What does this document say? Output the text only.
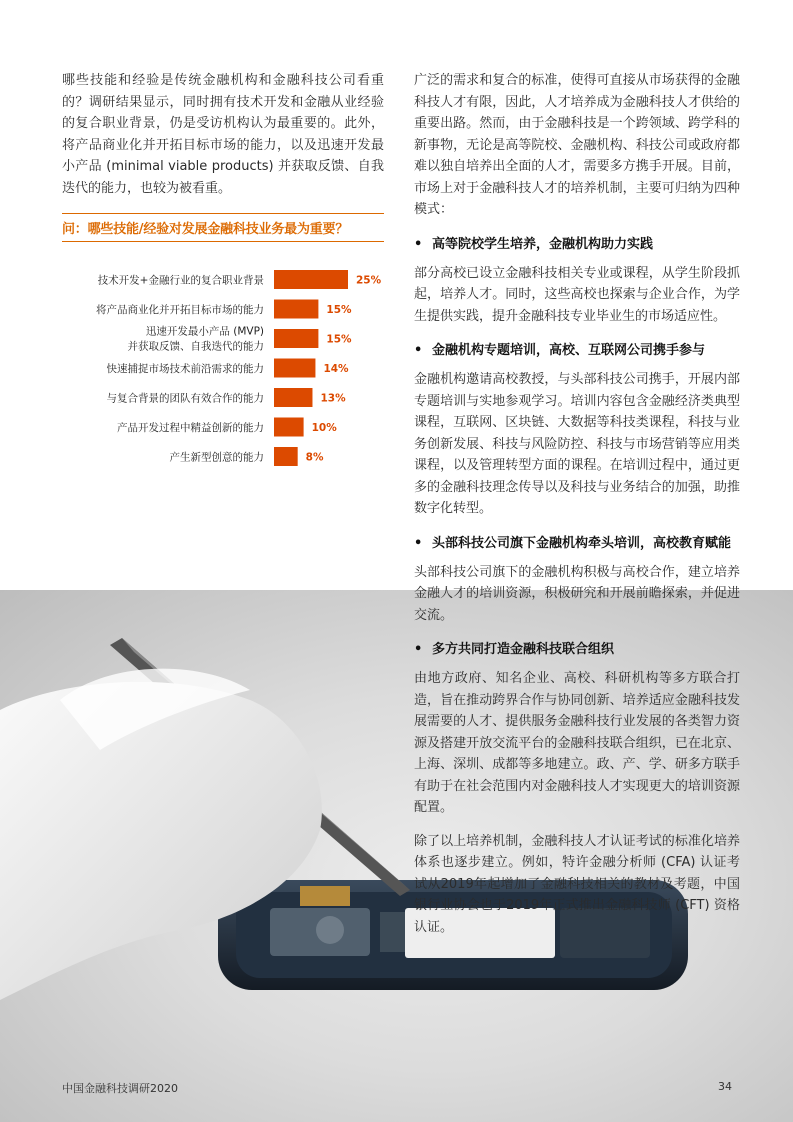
哪些技能和经验是传统金融机构和金融科技公司看重的？调研结果显示，同时拥有技术开发和金融从业经验的复合职业背景，仍是受访机构认为最重要的。此外，将产品商业化并开拓目标市场的能力，以及迅速开发最小产品 (minimal viable products) 并获取反馈、自我迭代的能力，也较为被看重。

问：哪些技能/经验对发展金融科技业务最为重要？
技术开发+金融行业的复合职业背景	25%
将产品商业化并开拓目标市场的能力	15%
迅速开发最小产品 (MVP)
并获取反馈、自我迭代的能力
15%
快速捕捉市场技术前沿需求的能力	14%
与复合背景的团队有效合作的能力	13%
产品开发过程中精益创新的能力	10%
产生新型创意的能力	8%

广泛的需求和复合的标准，使得可直接从市场获得的金融科技人才有限，因此，人才培养成为金融科技人才供给的重要出路。然而，由于金融科技是一个跨领域、跨学科的新事物，无论是高等院校、金融机构、科技公司或政府都难以独自培养出全面的人才，需要多方携手开展。目前，市场上对于金融科技人才的培养机制，主要可归纳为四种模式：

• 高等院校学生培养，金融机构助力实践

部分高校已设立金融科技相关专业或课程，从学生阶段抓起，培养人才。同时，这些高校也探索与企业合作，为学生提供实践，提升金融科技专业毕业生的市场适应性。

• 金融机构专题培训，高校、互联网公司携手参与

金融机构邀请高校教授，与头部科技公司携手，开展内部专题培训与实地参观学习。培训内容包含金融经济类典型课程，互联网、区块链、大数据等科技类课程，科技与业务创新发展、科技与风险防控、科技与市场营销等应用类课程，以及管理转型方面的课程。在培训过程中，通过更多的金融科技理念传导以及科技与业务结合的加强，助推数字化转型。

• 头部科技公司旗下金融机构牵头培训，高校教育赋能

头部科技公司旗下的金融机构积极与高校合作，建立培养金融人才的培训资源，积极研究和开展前瞻探索，并促进交流。

• 多方共同打造金融科技联合组织

由地方政府、知名企业、高校、科研机构等多方联合打造，旨在推动跨界合作与协同创新、培养适应金融科技发展需要的人才、提供服务金融科技行业发展的各类智力资源及搭建开放交流平台的金融科技联合组织，已在北京、上海、深圳、成都等多地建立。政、产、学、研多方联手有助于在社会范围内对金融科技人才实现更大的培训资源配置。

除了以上培养机制，金融科技人才认证考试的标准化培养体系也逐步建立。例如，特许金融分析师 (CFA) 认证考试从2019年起增加了金融科技相关的教材及考题，中国银行业协会也于2019年正式推出金融科技师 (CFT) 资格认证。

中国金融科技调研2020	34
